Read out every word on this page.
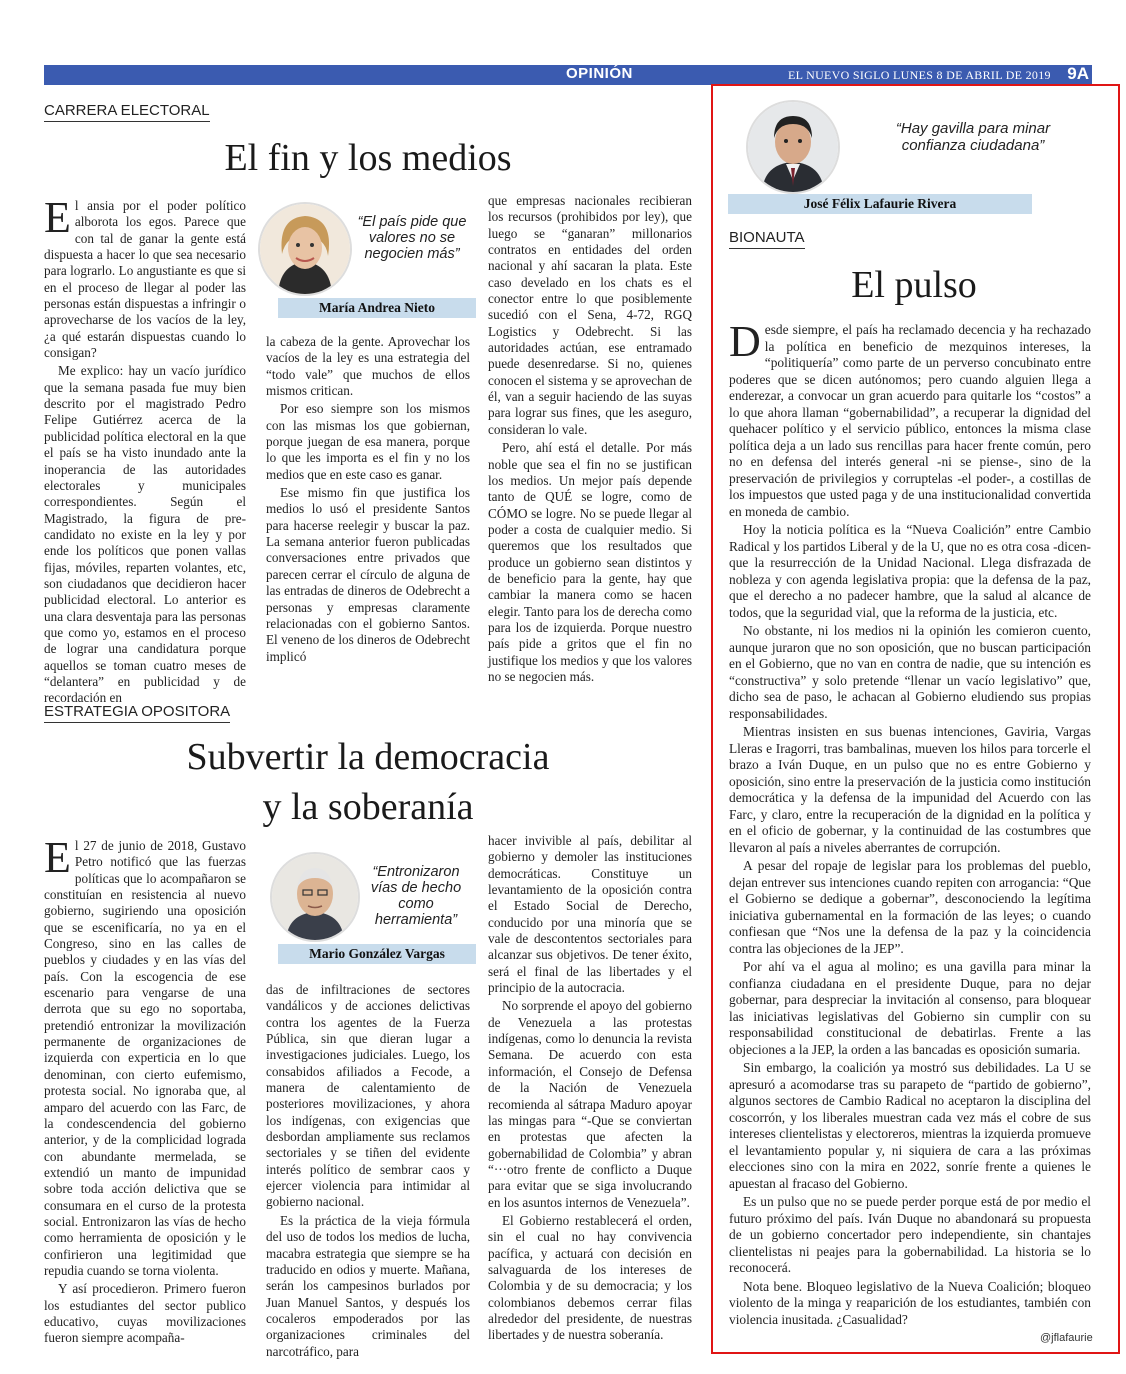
OPINIÓN	EL NUEVO SIGLO LUNES 8 DE ABRIL DE 2019 9A
CARRERA ELECTORAL
El fin y los medios

El ansia por el poder político alborota los egos. Parece que con tal de ganar la gente está dispuesta a hacer lo que sea necesario para lograrlo. Lo angustiante es que si en el proceso de llegar al poder las personas están dispuestas a infringir o aprovecharse de los vacíos de la ley, ¿a qué estarán dispuestas cuando lo consigan?

Me explico: hay un vacío jurídico que la semana pasada fue muy bien descrito por el magistrado Pedro Felipe Gutiérrez acerca de la publicidad política electoral en la que el país se ha visto inundado ante la inoperancia de las autoridades electorales y municipales correspondientes. Según el Magistrado, la figura de pre-candidato no existe en la ley y por ende los políticos que ponen vallas fijas, móviles, reparten volantes, etc, son ciudadanos que decidieron hacer publicidad electoral. Lo anterior es una clara desventaja para las personas que como yo, estamos en el proceso de lograr una candidatura porque aquellos se toman cuatro meses de “delantera” en publicidad y de recordación en

“El país pide que valores no se negocien más”
María Andrea Nieto

la cabeza de la gente. Aprovechar los vacíos de la ley es una estrategia del “todo vale” que muchos de ellos mismos critican.

Por eso siempre son los mismos con las mismas los que gobiernan, porque juegan de esa manera, porque lo que les importa es el fin y no los medios que en este caso es ganar.

Ese mismo fin que justifica los medios lo usó el presidente Santos para hacerse reelegir y buscar la paz. La semana anterior fueron publicadas conversaciones entre privados que parecen cerrar el círculo de alguna de las entradas de dineros de Odebrecht a personas y empresas claramente relacionadas con el gobierno Santos. El veneno de los dineros de Odebrecht implicó

que empresas nacionales recibieran los recursos (prohibidos por ley), que luego se “ganaran” millonarios contratos en entidades del orden nacional y ahí sacaran la plata. Este caso develado en los chats es el conector entre lo que posiblemente sucedió con el Sena, 4-72, RGQ Logistics y Odebrecht. Si las autoridades actúan, ese entramado puede desenredarse. Si no, quienes conocen el sistema y se aprovechan de él, van a seguir haciendo de las suyas para lograr sus fines, que les aseguro, consideran lo vale.

Pero, ahí está el detalle. Por más noble que sea el fin no se justifican los medios. Un mejor país depende tanto de QUÉ se logre, como de CÓMO se logre. No se puede llegar al poder a costa de cualquier medio. Si queremos que los resultados que produce un gobierno sean distintos y de beneficio para la gente, hay que cambiar la manera como se hacen elegir. Tanto para los de derecha como para los de izquierda. Porque nuestro país pide a gritos que el fin no justifique los medios y que los valores no se negocien más.

ESTRATEGIA OPOSITORA
Subvertir la democracia
y la soberanía

El 27 de junio de 2018, Gustavo Petro notificó que las fuerzas políticas que lo acompañaron se constituían en resistencia al nuevo gobierno, sugiriendo una oposición que se escenificaría, no ya en el Congreso, sino en las calles de pueblos y ciudades y en las vías del país. Con la escogencia de ese escenario para vengarse de una derrota que su ego no soportaba, pretendió entronizar la movilización permanente de organizaciones de izquierda con experticia en lo que denominan, con cierto eufemismo, protesta social. No ignoraba que, al amparo del acuerdo con las Farc, de la condescendencia del gobierno anterior, y de la complicidad lograda con abundante mermelada, se extendió un manto de impunidad sobre toda acción delictiva que se consumara en el curso de la protesta social. Entronizaron las vías de hecho como herramienta de oposición y le confirieron una legitimidad que repudia cuando se torna violenta.

Y así procedieron. Primero fueron los estudiantes del sector publico educativo, cuyas movilizaciones fueron siempre acompaña-

“Entronizaron vías de hecho como herramienta”
Mario González Vargas

das de infiltraciones de sectores vandálicos y de acciones delictivas contra los agentes de la Fuerza Pública, sin que dieran lugar a investigaciones judiciales. Luego, los consabidos afiliados a Fecode, a manera de calentamiento de posteriores movilizaciones, y ahora los indígenas, con exigencias que desbordan ampliamente sus reclamos sectoriales y se tiñen del evidente interés político de sembrar caos y ejercer violencia para intimidar al gobierno nacional.

Es la práctica de la vieja fórmula del uso de todos los medios de lucha, macabra estrategia que siempre se ha traducido en odios y muerte. Mañana, serán los campesinos burlados por Juan Manuel Santos, y después los cocaleros empoderados por las organizaciones criminales del narcotráfico, para

hacer invivible al país, debilitar al gobierno y demoler las instituciones democráticas. Constituye un levantamiento de la oposición contra el Estado Social de Derecho, conducido por una minoría que se vale de descontentos sectoriales para alcanzar sus objetivos. De tener éxito, será el final de las libertades y el principio de la autocracia.

No sorprende el apoyo del gobierno de Venezuela a las protestas indígenas, como lo denuncia la revista Semana. De acuerdo con esta información, el Consejo de Defensa de la Nación de Venezuela recomienda al sátrapa Maduro apoyar las mingas para “-Que se conviertan en protestas que afecten la gobernabilidad de Colombia” y abran “···otro frente de conflicto a Duque para evitar que se siga involucrando en los asuntos internos de Venezuela”.

El Gobierno restablecerá el orden, sin el cual no hay convivencia pacífica, y actuará con decisión en salvaguarda de los intereses de Colombia y de su democracia; y los colombianos debemos cerrar filas alrededor del presidente, de nuestras libertades y de nuestra soberanía.

“Hay gavilla para minar confianza ciudadana”
José Félix Lafaurie Rivera
BIONAUTA
El pulso

Desde siempre, el país ha reclamado decencia y ha rechazado la política en beneficio de mezquinos intereses, la “politiquería” como parte de un perverso concubinato entre poderes que se dicen autónomos; pero cuando alguien llega a enderezar, a convocar un gran acuerdo para quitarle los “costos” a lo que ahora llaman “gobernabilidad”, a recuperar la dignidad del quehacer político y el servicio público, entonces la misma clase política deja a un lado sus rencillas para hacer frente común, pero no en defensa del interés general -ni se piense-, sino de la preservación de privilegios y corruptelas -el poder-, a costillas de los impuestos que usted paga y de una institucionalidad convertida en moneda de cambio.

Hoy la noticia política es la “Nueva Coalición” entre Cambio Radical y los partidos Liberal y de la U, que no es otra cosa -dicen- que la resurrección de la Unidad Nacional. Llega disfrazada de nobleza y con agenda legislativa propia: que la defensa de la paz, que el derecho a no padecer hambre, que la salud al alcance de todos, que la seguridad vial, que la reforma de la justicia, etc.

No obstante, ni los medios ni la opinión les comieron cuento, aunque juraron que no son oposición, que no buscan participación en el Gobierno, que no van en contra de nadie, que su intención es “constructiva” y solo pretende “llenar un vacío legislativo” que, dicho sea de paso, le achacan al Gobierno eludiendo sus propias responsabilidades.

Mientras insisten en sus buenas intenciones, Gaviria, Vargas Lleras e Iragorri, tras bambalinas, mueven los hilos para torcerle el brazo a Iván Duque, en un pulso que no es entre Gobierno y oposición, sino entre la preservación de la justicia como institución democrática y la defensa de la impunidad del Acuerdo con las Farc, y claro, entre la recuperación de la dignidad en la política y en el oficio de gobernar, y la continuidad de las costumbres que llevaron al país a niveles aberrantes de corrupción.

A pesar del ropaje de legislar para los problemas del pueblo, dejan entrever sus intenciones cuando repiten con arrogancia: “Que el Gobierno se dedique a gobernar”, desconociendo la legítima iniciativa gubernamental en la formación de las leyes; o cuando confiesan que “Nos une la defensa de la paz y la coincidencia contra las objeciones de la JEP”.

Por ahí va el agua al molino; es una gavilla para minar la confianza ciudadana en el presidente Duque, para no dejar gobernar, para despreciar la invitación al consenso, para bloquear las iniciativas legislativas del Gobierno sin cumplir con su responsabilidad constitucional de debatirlas. Frente a las objeciones a la JEP, la orden a las bancadas es oposición sumaria.

Sin embargo, la coalición ya mostró sus debilidades. La U se apresuró a acomodarse tras su parapeto de “partido de gobierno”, algunos sectores de Cambio Radical no aceptaron la disciplina del coscorrón, y los liberales muestran cada vez más el cobre de sus intereses clientelistas y electoreros, mientras la izquierda promueve el levantamiento popular y, ni siquiera de cara a las próximas elecciones sino con la mira en 2022, sonríe frente a quienes le apuestan al fracaso del Gobierno.

Es un pulso que no se puede perder porque está de por medio el futuro próximo del país. Iván Duque no abandonará su propuesta de un gobierno concertador pero independiente, sin chantajes clientelistas ni peajes para la gobernabilidad. La historia se lo reconocerá.

Nota bene. Bloqueo legislativo de la Nueva Coalición; bloqueo violento de la minga y reaparición de los estudiantes, también con violencia inusitada. ¿Casualidad?

@jflafaurie
